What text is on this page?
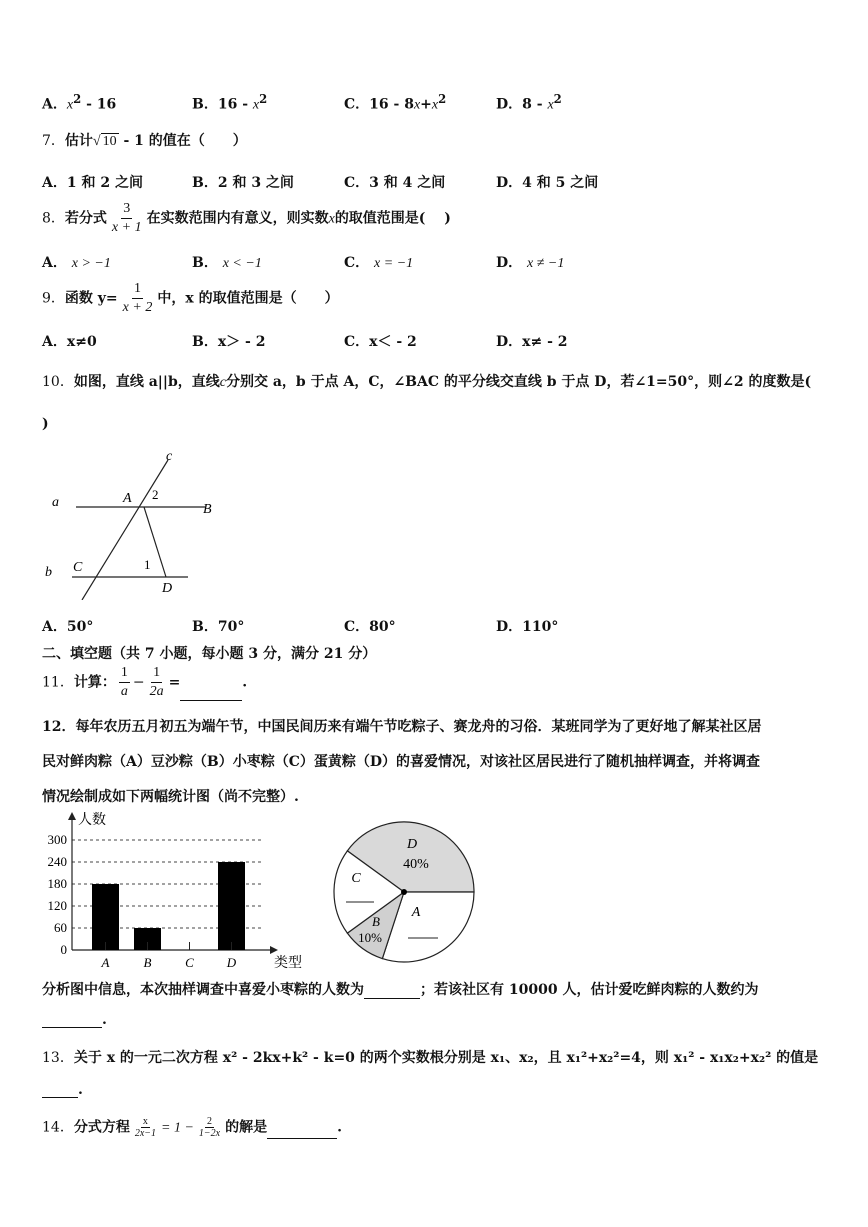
A．$x^2 - 16$	B．$16 - x^2$	C．$16 - 8x+x^2$	D．$8 - x^2$
7．估计√ 10 - 1 的值在（　　）
A．1 和 2 之间	B．2 和 3 之间	C．3 和 4 之间	D．4 和 5 之间
8．若分式 $\frac{3}{x + 1}$ 在实数范围内有意义，则实数x的取值范围是(　 )
A． x > −1	B． x < −1	C． x = −1	D． x ≠ −1
9．函数 $y= \frac{1}{x + 2}$ 中，x 的取值范围是（　　）
A．x≠0	B．x＞ - 2	C．x＜ - 2	D．x≠ - 2
10．如图，直线 a||b，直线c分别交 a，b 于点 A，C，∠BAC 的平分线交直线 b 于点 D，若∠1=50°，则∠2 的度数是(
)
c
a	A 2
B
b C	1
D
A．50°	B．70°	C．80°	D．110°
二、填空题（共 7 小题，每小题 3 分，满分 21 分）
11．计算： $\frac{1}{a} - \frac{1}{2a}$ =	.
12．每年农历五月初五为端午节，中国民间历来有端午节吃粽子、赛龙舟的习俗．某班同学为了更好地了解某社区居
民对鲜肉粽（A）豆沙粽（B）小枣粽（C）蛋黄粽（D）的喜爱情况，对该社区居民进行了随机抽样调查，并将调查
情况绘制成如下两幅统计图（尚不完整）.
0
60
120
180
240
300
人数
类型
A	B	C	D
D
40%
A
B
10%
C
分析图中信息，本次抽样调查中喜爱小枣粽的人数为	；若该社区有 10000 人，估计爱吃鲜肉粽的人数约为
.
13．关于 x 的一元二次方程 x² - 2kx+k² - k=0 的两个实数根分别是 x₁、x₂，且 x₁²+x₂²=4，则 x₁² - x₁x₂+x₂² 的值是
.
14．分式方程 $\frac{x}{2x-1} = 1 - \frac{2}{1-2x}$ 的解是	.
